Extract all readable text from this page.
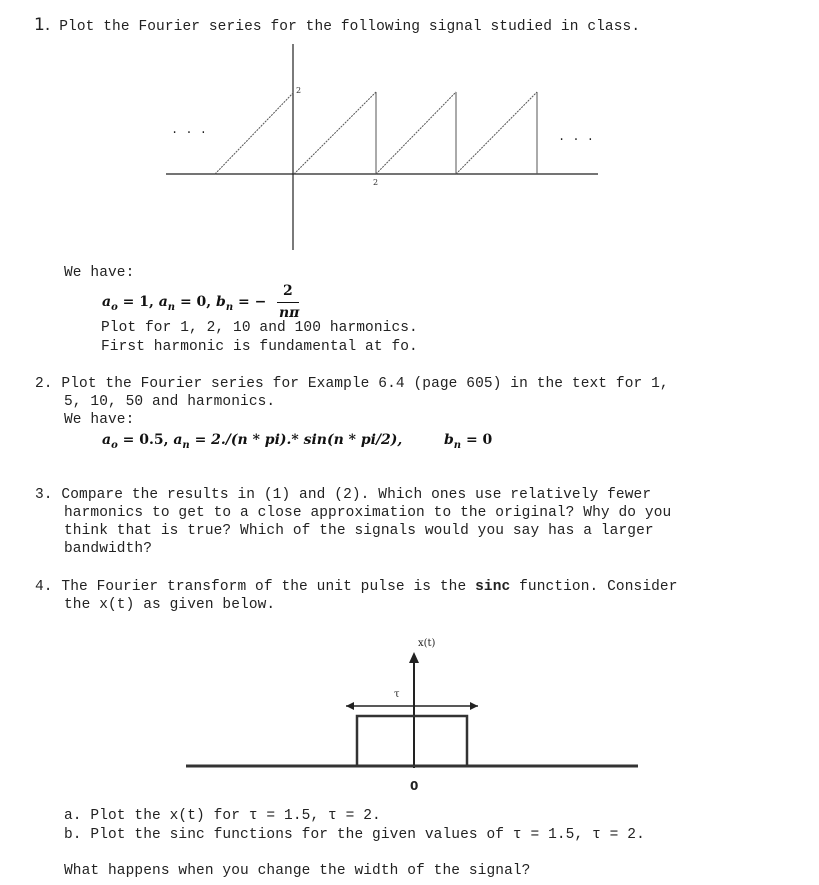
1. Plot the Fourier series for the following signal studied in class.
2
2
. . .	. . .
We have:
$a_o = 1$, $a_n = 0$, $b_n$ = −
2
nπ
Plot for 1, 2, 10 and 100 harmonics.
First harmonic is fundamental at fo.
2. Plot the Fourier series for Example 6.4 (page 605) in the text for 1,
5, 10, 50 and harmonics.
We have:
$a_o = 0.5$, $a_n = 2./(n * pi).*$ sin(n * pi/2),	$b_n = 0$
3. Compare the results in (1) and (2). Which ones use relatively fewer
harmonics to get to a close approximation to the original? Why do you
think that is true? Which of the signals would you say has a larger
bandwidth?
4. The Fourier transform of the unit pulse is the sinc function. Consider
the x(t) as given below.
τ
x(t)
0
a. Plot the x(t) for τ = 1.5, τ = 2.
b. Plot the sinc functions for the given values of τ = 1.5, τ = 2.
What happens when you change the width of the signal?
